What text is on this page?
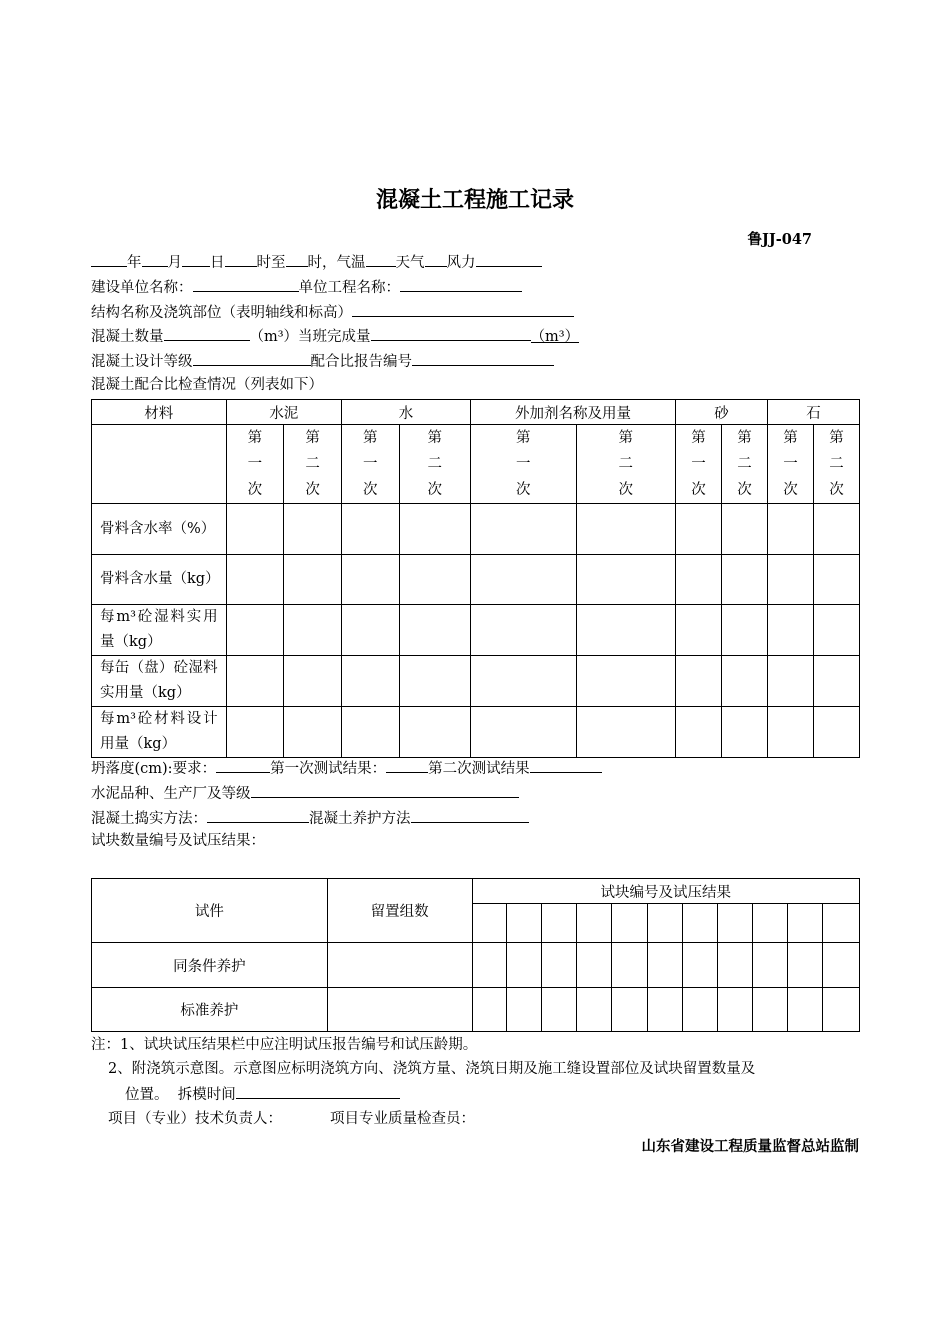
混凝土工程施工记录
鲁JJ-047
年 月 日 时至 时，气温 天气 风力
建设单位名称：	单位工程名称：
结构名称及浇筑部位（表明轴线和标高）
混凝土数量	（m³）当班完成量	（m³）
混凝土设计等级	配合比报告编号
混凝土配合比检查情况（列表如下）
材料	水泥		水		外加剂名称及用量		砂		石	
	第一次	第二次	第一次	第二次	第一次	第二次	第一次	第二次	第一次	第二次
骨料含水率（%）										
骨料含水量（kg）										
每m³砼湿料实用量（kg）										
每缶（盘）砼湿料实用量（kg）										
每m³砼材料设计用量（kg）										
坍落度(cm):要求：	第一次测试结果：	第二次测试结果
水泥品种、生产厂及等级
混凝土捣实方法：	混凝土养护方法
试块数量编号及试压结果：
试件	留置组数	试块编号及试压结果										

同条件养护												
标准养护												
注：1、试块试压结果栏中应注明试压报告编号和试压龄期。
2、附浇筑示意图。示意图应标明浇筑方向、浇筑方量、浇筑日期及施工缝设置部位及试块留置数量及
位置。 拆模时间
项目（专业）技术负责人：	项目专业质量检查员：
山东省建设工程质量监督总站监制
